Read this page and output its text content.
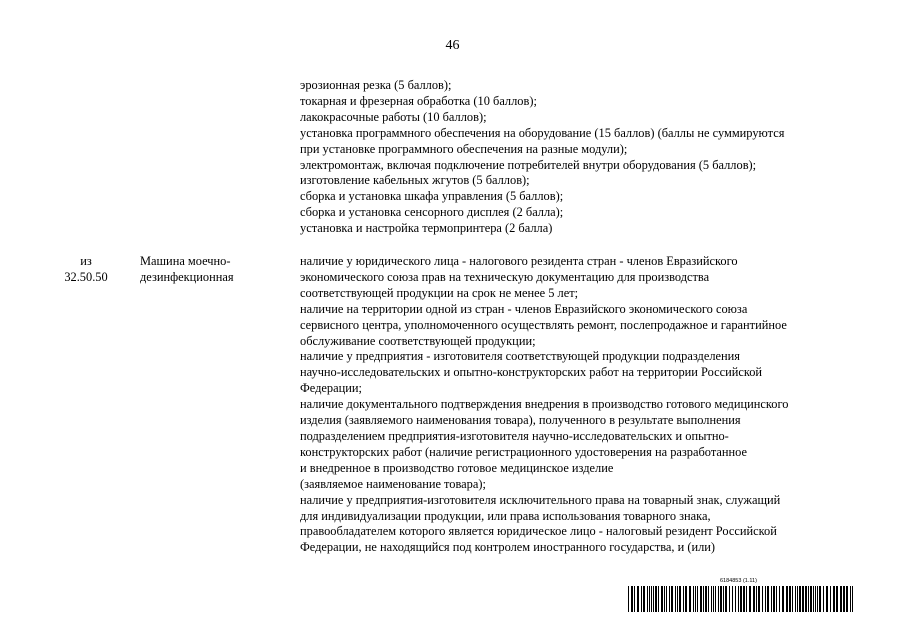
46
эрозионная резка (5 баллов);
токарная и фрезерная обработка (10 баллов);
лакокрасочные работы (10 баллов);
установка программного обеспечения на оборудование (15 баллов) (баллы не суммируются
при установке программного обеспечения на разные модули);
электромонтаж, включая подключение потребителей внутри оборудования (5 баллов);
изготовление кабельных жгутов (5 баллов);
сборка и установка шкафа управления (5 баллов);
сборка и установка сенсорного дисплея (2 балла);
установка и настройка термопринтера (2 балла)
из
32.50.50
Машина моечно-
дезинфекционная
наличие у юридического лица - налогового резидента стран - членов Евразийского
экономического союза прав на техническую документацию для производства
соответствующей продукции на срок не менее 5 лет;
наличие на территории одной из стран - членов Евразийского экономического союза
сервисного центра, уполномоченного осуществлять ремонт, послепродажное и гарантийное
обслуживание соответствующей продукции;
наличие у предприятия - изготовителя соответствующей продукции подразделения
научно-исследовательских и опытно-конструкторских работ на территории Российской
Федерации;
наличие документального подтверждения внедрения в производство готового медицинского
изделия (заявляемого наименования товара), полученного в результате выполнения
подразделением предприятия-изготовителя научно-исследовательских и опытно-
конструкторских работ (наличие регистрационного удостоверения на разработанное
и внедренное в производство готовое медицинское изделие
(заявляемое наименование товара);
наличие у предприятия-изготовителя исключительного права на товарный знак, служащий
для индивидуализации продукции, или права использования товарного знака,
правообладателем которого является юридическое лицо - налоговый резидент Российской
Федерации, не находящийся под контролем иностранного государства, и (или)
6184853 (1.11)
